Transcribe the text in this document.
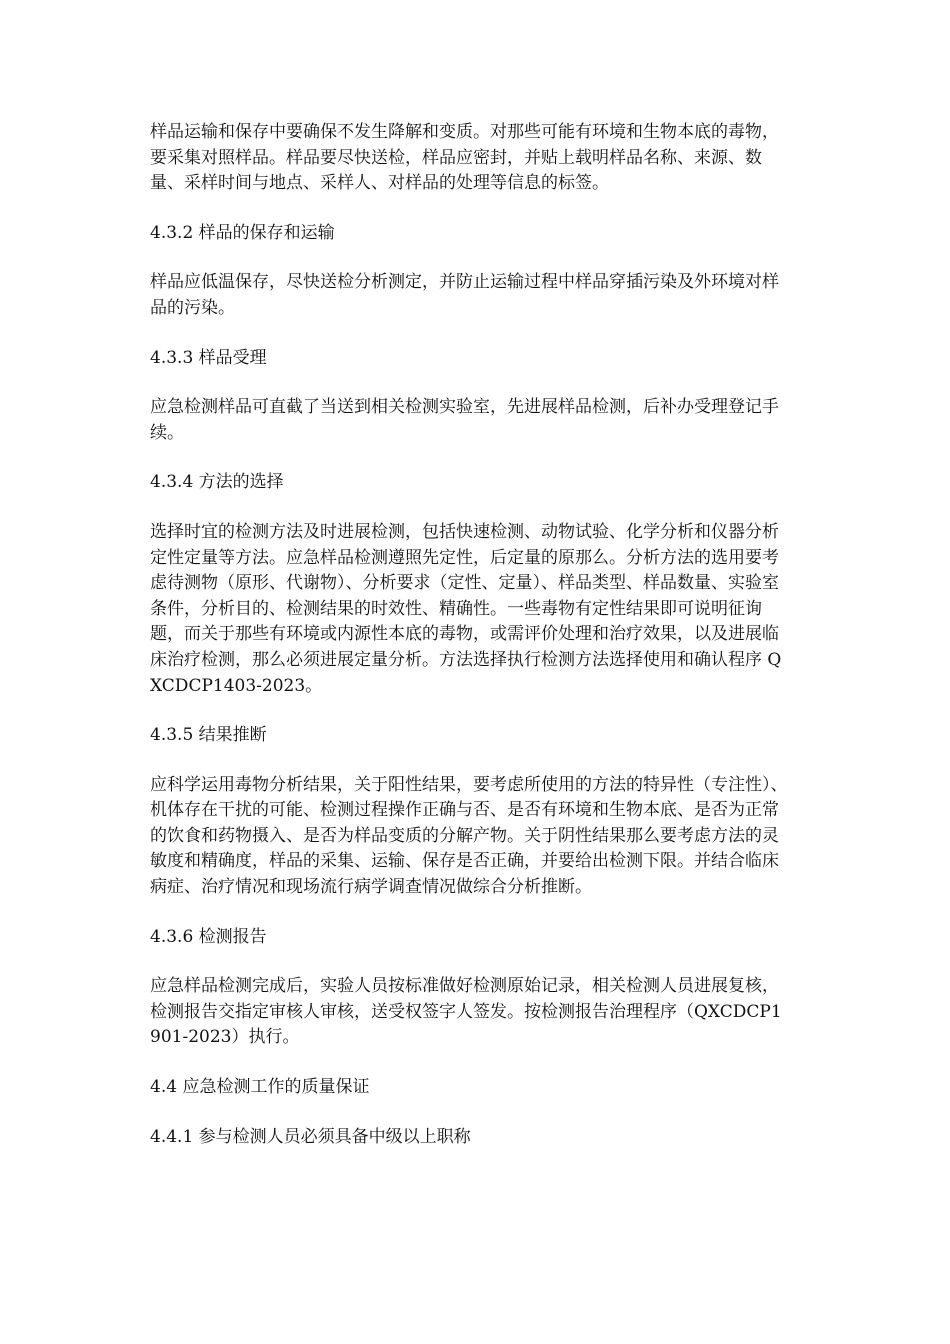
样品运输和保存中要确保不发生降解和变质。对那些可能有环境和生物本底的毒物，要采集对照样品。样品要尽快送检，样品应密封，并贴上载明样品名称、来源、数量、采样时间与地点、采样人、对样品的处理等信息的标签。

4.3.2 样品的保存和运输

样品应低温保存，尽快送检分析测定，并防止运输过程中样品穿插污染及外环境对样品的污染。

4.3.3 样品受理

应急检测样品可直截了当送到相关检测实验室，先进展样品检测，后补办受理登记手续。

4.3.4 方法的选择

选择时宜的检测方法及时进展检测，包括快速检测、动物试验、化学分析和仪器分析定性定量等方法。应急样品检测遵照先定性，后定量的原那么。分析方法的选用要考虑待测物（原形、代谢物）、分析要求（定性、定量）、样品类型、样品数量、实验室条件，分析目的、检测结果的时效性、精确性。一些毒物有定性结果即可说明征询题，而关于那些有环境或内源性本底的毒物，或需评价处理和治疗效果，以及进展临床治疗检测，那么必须进展定量分析。方法选择执行检测方法选择使用和确认程序 QXCDCP1403-2023。

4.3.5 结果推断

应科学运用毒物分析结果，关于阳性结果，要考虑所使用的方法的特异性（专注性）、机体存在干扰的可能、检测过程操作正确与否、是否有环境和生物本底、是否为正常的饮食和药物摄入、是否为样品变质的分解产物。关于阴性结果那么要考虑方法的灵敏度和精确度，样品的采集、运输、保存是否正确，并要给出检测下限。并结合临床病症、治疗情况和现场流行病学调查情况做综合分析推断。

4.3.6 检测报告

应急样品检测完成后，实验人员按标准做好检测原始记录，相关检测人员进展复核，检测报告交指定审核人审核，送受权签字人签发。按检测报告治理程序（QXCDCP1901-2023）执行。

4.4 应急检测工作的质量保证

4.4.1 参与检测人员必须具备中级以上职称
